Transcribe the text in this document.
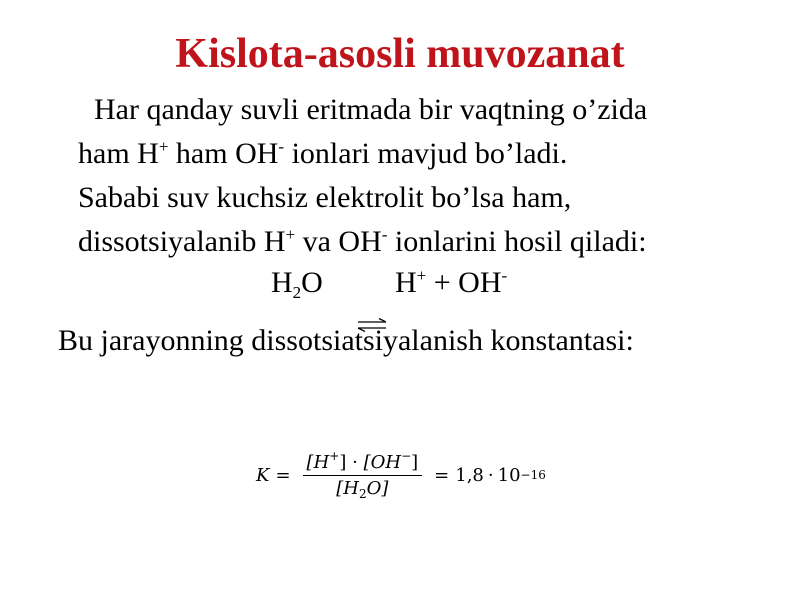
Kislota-asosli muvozanat
Har qanday suvli eritmada bir vaqtning o’zida
ham H+ ham OH- ionlari mavjud bo’ladi.
Sababi suv kuchsiz elektrolit bo’lsa ham,
dissotsiyalanib H+ va OH- ionlarini hosil qiladi:
$H_2O$ H+ + OH-
Bu jarayonning dissotsiatsiyalanish konstantasi:
$K = \frac{[H^+] \cdot [OH^-]}{[H_2O]} = 1,8 \cdot 10 -16$
